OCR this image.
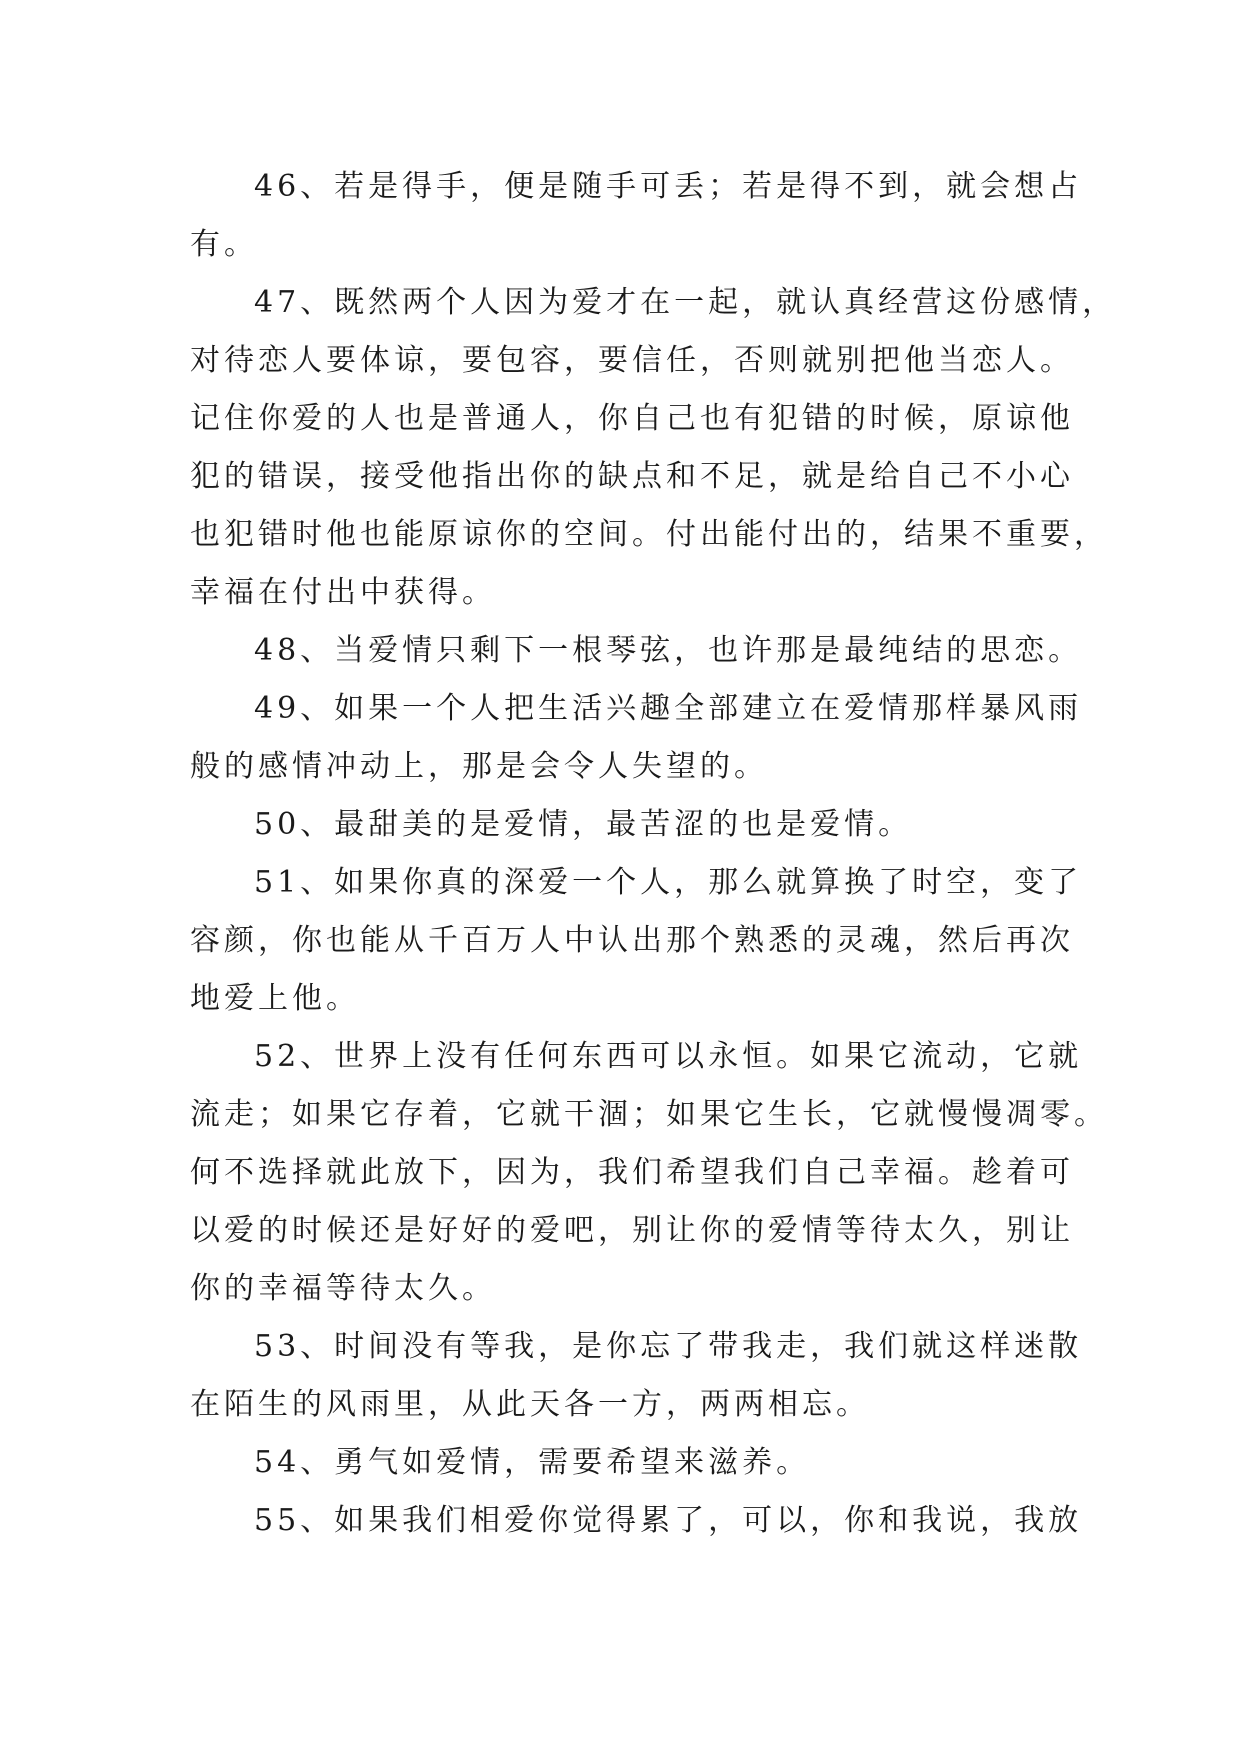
46、若是得手，便是随手可丢；若是得不到，就会想占
有。
47、既然两个人因为爱才在一起，就认真经营这份感情，
对待恋人要体谅，要包容，要信任，否则就别把他当恋人。
记住你爱的人也是普通人，你自己也有犯错的时候，原谅他
犯的错误，接受他指出你的缺点和不足，就是给自己不小心
也犯错时他也能原谅你的空间。付出能付出的，结果不重要，
幸福在付出中获得。
48、当爱情只剩下一根琴弦，也许那是最纯结的思恋。
49、如果一个人把生活兴趣全部建立在爱情那样暴风雨
般的感情冲动上，那是会令人失望的。
50、最甜美的是爱情，最苦涩的也是爱情。
51、如果你真的深爱一个人，那么就算换了时空，变了
容颜，你也能从千百万人中认出那个熟悉的灵魂，然后再次
地爱上他。
52、世界上没有任何东西可以永恒。如果它流动，它就
流走；如果它存着，它就干涸；如果它生长，它就慢慢凋零。
何不选择就此放下，因为，我们希望我们自己幸福。趁着可
以爱的时候还是好好的爱吧，别让你的爱情等待太久，别让
你的幸福等待太久。
53、时间没有等我，是你忘了带我走，我们就这样迷散
在陌生的风雨里，从此天各一方，两两相忘。
54、勇气如爱情，需要希望来滋养。
55、如果我们相爱你觉得累了，可以，你和我说，我放
